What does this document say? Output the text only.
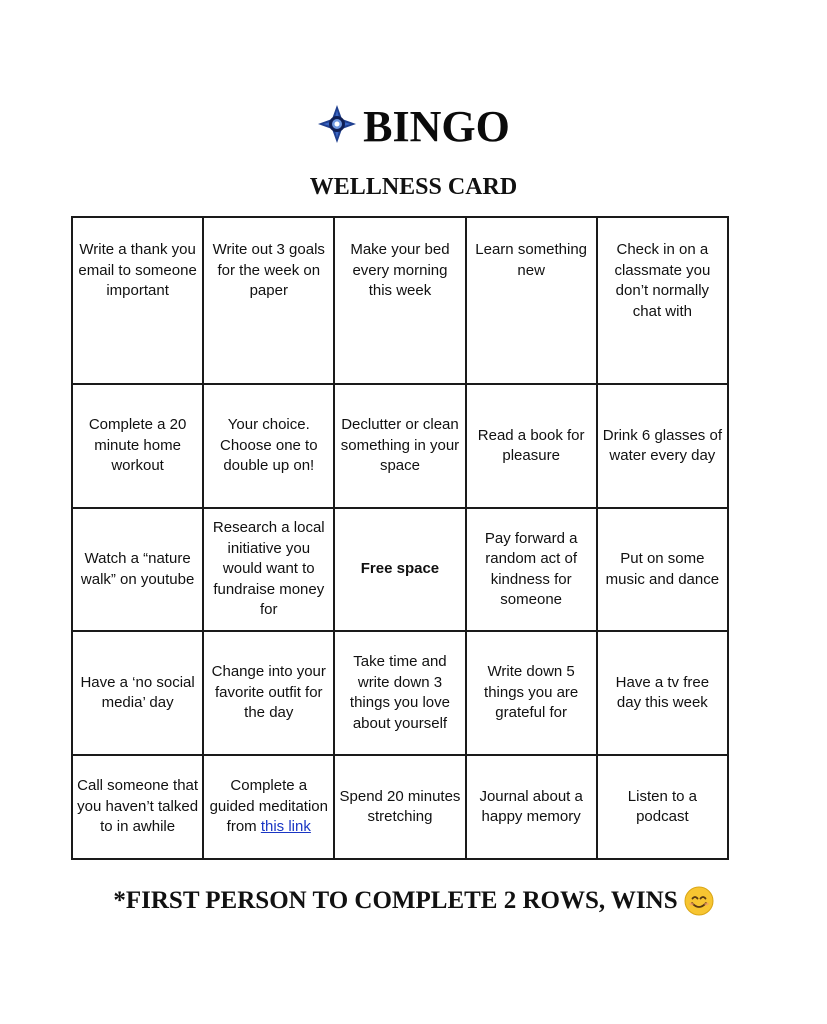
BINGO
WELLNESS CARD
Write a thank you email to someone important	Write out 3 goals for the week on paper	Make your bed every morning this week	Learn something new	Check in on a classmate you don’t normally chat with
Complete a 20 minute home workout	Your choice. Choose one to double up on!	Declutter or clean something in your space	Read a book for pleasure	Drink 6 glasses of water every day
Watch a “nature walk” on youtube	Research a local initiative you would want to fundraise money for	Free space	Pay forward a random act of kindness for someone	Put on some music and dance
Have a ‘no social media’ day	Change into your favorite outfit for the day	Take time and write down 3 things you love about yourself	Write down 5 things you are grateful for	Have a tv free day this week
Call someone that you haven’t talked to in awhile	Complete a guided meditation from this link	Spend 20 minutes stretching	Journal about a happy memory	Listen to a podcast
*FIRST PERSON TO COMPLETE 2 ROWS, WINS
